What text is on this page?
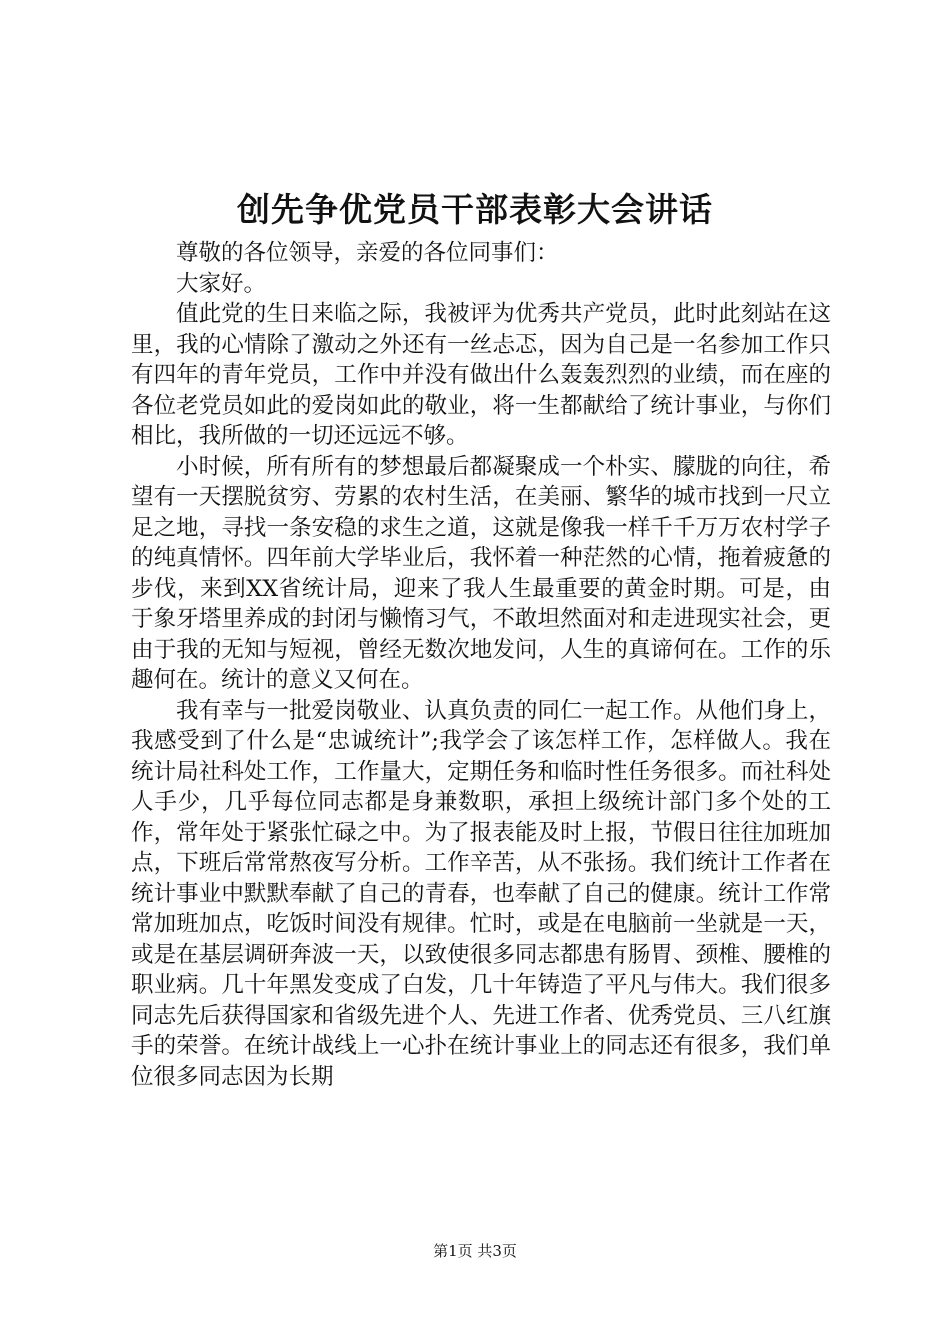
创先争优党员干部表彰大会讲话

尊敬的各位领导，亲爱的各位同事们：

大家好。

值此党的生日来临之际，我被评为优秀共产党员，此时此刻站在这里，我的心情除了激动之外还有一丝忐忑，因为自己是一名参加工作只有四年的青年党员，工作中并没有做出什么轰轰烈烈的业绩，而在座的各位老党员如此的爱岗如此的敬业，将一生都献给了统计事业，与你们相比，我所做的一切还远远不够。

小时候，所有所有的梦想最后都凝聚成一个朴实、朦胧的向往，希望有一天摆脱贫穷、劳累的农村生活，在美丽、繁华的城市找到一尺立足之地，寻找一条安稳的求生之道，这就是像我一样千千万万农村学子的纯真情怀。四年前大学毕业后，我怀着一种茫然的心情，拖着疲惫的步伐，来到XX省统计局，迎来了我人生最重要的黄金时期。可是，由于象牙塔里养成的封闭与懒惰习气，不敢坦然面对和走进现实社会，更由于我的无知与短视，曾经无数次地发问，人生的真谛何在。工作的乐趣何在。统计的意义又何在。

我有幸与一批爱岗敬业、认真负责的同仁一起工作。从他们身上，我感受到了什么是“忠诚统计”;我学会了该怎样工作，怎样做人。我在统计局社科处工作，工作量大，定期任务和临时性任务很多。而社科处人手少，几乎每位同志都是身兼数职，承担上级统计部门多个处的工作，常年处于紧张忙碌之中。为了报表能及时上报，节假日往往加班加点，下班后常常熬夜写分析。工作辛苦，从不张扬。我们统计工作者在统计事业中默默奉献了自己的青春，也奉献了自己的健康。统计工作常常加班加点，吃饭时间没有规律。忙时，或是在电脑前一坐就是一天，或是在基层调研奔波一天，以致使很多同志都患有肠胃、颈椎、腰椎的职业病。几十年黑发变成了白发，几十年铸造了平凡与伟大。我们很多同志先后获得国家和省级先进个人、先进工作者、优秀党员、三八红旗手的荣誉。在统计战线上一心扑在统计事业上的同志还有很多，我们单位很多同志因为长期

第1页 共3页
